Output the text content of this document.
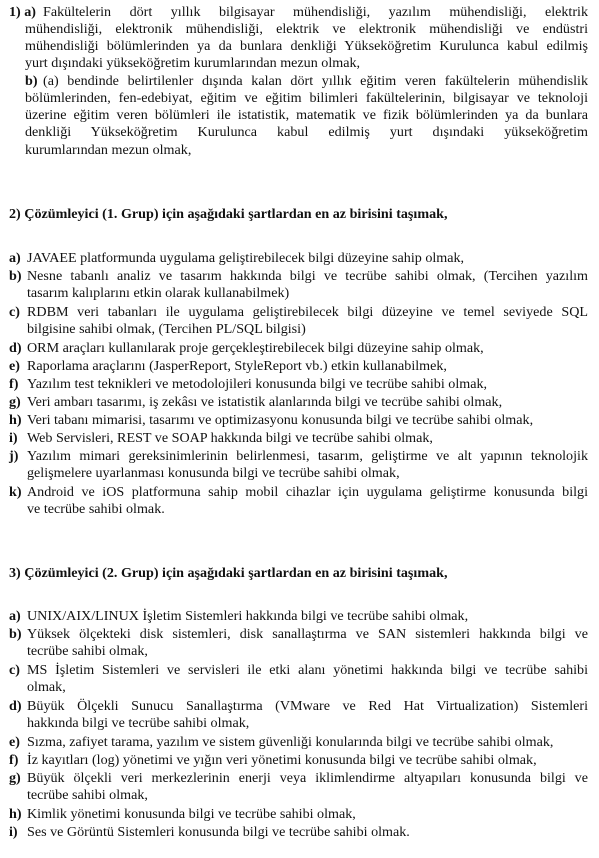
1) a) Fakültelerin dört yıllık bilgisayar mühendisliği, yazılım mühendisliği, elektrik
mühendisliği, elektronik mühendisliği, elektrik ve elektronik mühendisliği ve endüstri
mühendisliği bölümlerinden ya da bunlara denkliği Yükseköğretim Kurulunca kabul edilmiş
yurt dışındaki yükseköğretim kurumlarından mezun olmak,
b) (a) bendinde belirtilenler dışında kalan dört yıllık eğitim veren fakültelerin mühendislik
bölümlerinden, fen-edebiyat, eğitim ve eğitim bilimleri fakültelerinin, bilgisayar ve teknoloji
üzerine eğitim veren bölümleri ile istatistik, matematik ve fizik bölümlerinden ya da bunlara
denkliği Yükseköğretim Kurulunca kabul edilmiş yurt dışındaki yükseköğretim
kurumlarından mezun olmak,
2) Çözümleyici (1. Grup) için aşağıdaki şartlardan en az birisini taşımak,
a) JAVAEE platformunda uygulama geliştirebilecek bilgi düzeyine sahip olmak,
b) Nesne tabanlı analiz ve tasarım hakkında bilgi ve tecrübe sahibi olmak, (Tercihen yazılım
tasarım kalıplarını etkin olarak kullanabilmek)
c) RDBM veri tabanları ile uygulama geliştirebilecek bilgi düzeyine ve temel seviyede SQL
bilgisine sahibi olmak, (Tercihen PL/SQL bilgisi)
d) ORM araçları kullanılarak proje gerçekleştirebilecek bilgi düzeyine sahip olmak,
e) Raporlama araçlarını (JasperReport, StyleReport vb.) etkin kullanabilmek,
f) Yazılım test teknikleri ve metodolojileri konusunda bilgi ve tecrübe sahibi olmak,
g) Veri ambarı tasarımı, iş zekâsı ve istatistik alanlarında bilgi ve tecrübe sahibi olmak,
h) Veri tabanı mimarisi, tasarımı ve optimizasyonu konusunda bilgi ve tecrübe sahibi olmak,
i) Web Servisleri, REST ve SOAP hakkında bilgi ve tecrübe sahibi olmak,
j) Yazılım mimari gereksinimlerinin belirlenmesi, tasarım, geliştirme ve alt yapının teknolojik
gelişmelere uyarlanması konusunda bilgi ve tecrübe sahibi olmak,
k) Android ve iOS platformuna sahip mobil cihazlar için uygulama geliştirme konusunda bilgi
ve tecrübe sahibi olmak.
3) Çözümleyici (2. Grup) için aşağıdaki şartlardan en az birisini taşımak,
a) UNIX/AIX/LINUX İşletim Sistemleri hakkında bilgi ve tecrübe sahibi olmak,
b) Yüksek ölçekteki disk sistemleri, disk sanallaştırma ve SAN sistemleri hakkında bilgi ve
tecrübe sahibi olmak,
c) MS İşletim Sistemleri ve servisleri ile etki alanı yönetimi hakkında bilgi ve tecrübe sahibi
olmak,
d) Büyük Ölçekli Sunucu Sanallaştırma (VMware ve Red Hat Virtualization) Sistemleri
hakkında bilgi ve tecrübe sahibi olmak,
e) Sızma, zafiyet tarama, yazılım ve sistem güvenliği konularında bilgi ve tecrübe sahibi olmak,
f) İz kayıtları (log) yönetimi ve yığın veri yönetimi konusunda bilgi ve tecrübe sahibi olmak,
g) Büyük ölçekli veri merkezlerinin enerji veya iklimlendirme altyapıları konusunda bilgi ve
tecrübe sahibi olmak,
h) Kimlik yönetimi konusunda bilgi ve tecrübe sahibi olmak,
i) Ses ve Görüntü Sistemleri konusunda bilgi ve tecrübe sahibi olmak.
